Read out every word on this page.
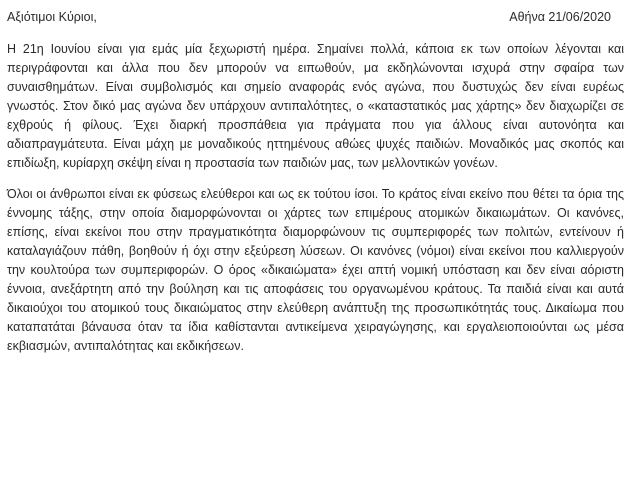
Αξιότιμοι Κύριοι,	Αθήνα 21/06/2020

Η 21η Ιουνίου είναι για εμάς μία ξεχωριστή ημέρα. Σημαίνει πολλά, κάποια εκ των οποίων λέγονται και περιγράφονται και άλλα που δεν μπορούν να ειπωθούν, μα εκδηλώνονται ισχυρά στην σφαίρα των συναισθημάτων. Είναι συμβολισμός και σημείο αναφοράς ενός αγώνα, που δυστυχώς δεν είναι ευρέως γνωστός. Στον δικό μας αγώνα δεν υπάρχουν αντιπαλότητες, ο «καταστατικός μας χάρτης» δεν διαχωρίζει σε εχθρούς ή φίλους. Έχει διαρκή προσπάθεια για πράγματα που για άλλους είναι αυτονόητα και αδιαπραγμάτευτα. Είναι μάχη με μοναδικούς ηττημένους αθώες ψυχές παιδιών. Μοναδικός μας σκοπός και επιδίωξη, κυρίαρχη σκέψη είναι η προστασία των παιδιών μας, των μελλοντικών γονέων.

Όλοι οι άνθρωποι είναι εκ φύσεως ελεύθεροι και ως εκ τούτου ίσοι. Το κράτος είναι εκείνο που θέτει τα όρια της έννομης τάξης, στην οποία διαμορφώνονται οι χάρτες των επιμέρους ατομικών δικαιωμάτων. Οι κανόνες, επίσης, είναι εκείνοι που στην πραγματικότητα διαμορφώνουν τις συμπεριφορές των πολιτών, εντείνουν ή καταλαγιάζουν πάθη, βοηθούν ή όχι στην εξεύρεση λύσεων. Οι κανόνες (νόμοι) είναι εκείνοι που καλλιεργούν την κουλτούρα των συμπεριφορών. Ο όρος «δικαιώματα» έχει απτή νομική υπόσταση και δεν είναι αόριστη έννοια, ανεξάρτητη από την βούληση και τις αποφάσεις του οργανωμένου κράτους. Τα παιδιά είναι και αυτά δικαιούχοι του ατομικού τους δικαιώματος στην ελεύθερη ανάπτυξη της προσωπικότητάς τους. Δικαίωμα που καταπατάται βάναυσα όταν τα ίδια καθίστανται αντικείμενα χειραγώγησης, και εργαλειοποιούνται ως μέσα εκβιασμών, αντιπαλότητας και εκδικήσεων.
